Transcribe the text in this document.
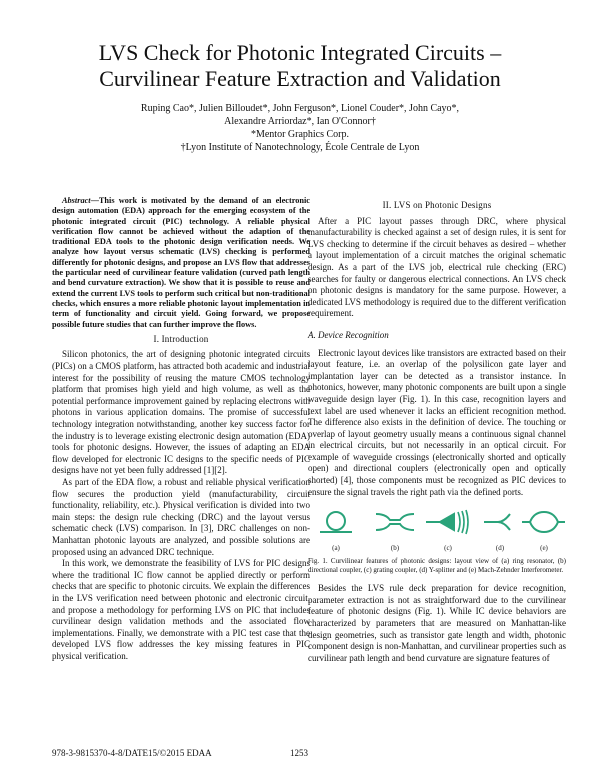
LVS Check for Photonic Integrated Circuits –
Curvilinear Feature Extraction and Validation
Ruping Cao*, Julien Billoudet*, John Ferguson*, Lionel Couder*, John Cayo*,
Alexandre Arriordaz*, Ian O'Connor†
*Mentor Graphics Corp.
†Lyon Institute of Nanotechnology, École Centrale de Lyon

Abstract—This work is motivated by the demand of an electronic design automation (EDA) approach for the emerging ecosystem of the photonic integrated circuit (PIC) technology. A reliable physical verification flow cannot be achieved without the adaption of the traditional EDA tools to the photonic design verification needs. We analyze how layout versus schematic (LVS) checking is performed differently for photonic designs, and propose an LVS flow that addresses the particular need of curvilinear feature validation (curved path length and bend curvature extraction). We show that it is possible to reuse and extend the current LVS tools to perform such critical but non-traditional checks, which ensures a more reliable photonic layout implementation in term of functionality and circuit yield. Going forward, we propose possible future studies that can further improve the flows.

I. Introduction

Silicon photonics, the art of designing photonic integrated circuits (PICs) on a CMOS platform, has attracted both academic and industrial interest for the possibility of reusing the mature CMOS technology platform that promises high yield and high volume, as well as the potential performance improvement gained by replacing electrons with photons in various application domains. The promise of successful technology integration notwithstanding, another key success factor for the industry is to leverage existing electronic design automation (EDA) tools for photonic designs. However, the issues of adapting an EDA flow developed for electronic IC designs to the specific needs of PIC designs have not yet been fully addressed [1][2].

As part of the EDA flow, a robust and reliable physical verification flow secures the production yield (manufacturability, circuit functionality, reliability, etc.). Physical verification is divided into two main steps: the design rule checking (DRC) and the layout versus schematic check (LVS) comparison. In [3], DRC challenges on non-Manhattan photonic layouts are analyzed, and possible solutions are proposed using an advanced DRC technique.

In this work, we demonstrate the feasibility of LVS for PIC designs where the traditional IC flow cannot be applied directly or perform checks that are specific to photonic circuits. We explain the differences in the LVS verification need between photonic and electronic circuit, and propose a methodology for performing LVS on PIC that includes curvilinear design validation methods and the associated flow implementations. Finally, we demonstrate with a PIC test case that the developed LVS flow addresses the key missing features in PIC physical verification.

II. LVS on Photonic Designs

After a PIC layout passes through DRC, where physical manufacturability is checked against a set of design rules, it is sent for LVS checking to determine if the circuit behaves as desired – whether a layout implementation of a circuit matches the original schematic design. As a part of the LVS job, electrical rule checking (ERC) searches for faulty or dangerous electrical connections. An LVS check on photonic designs is mandatory for the same purpose. However, a dedicated LVS methodology is required due to the different verification requirement.

A. Device Recognition

Electronic layout devices like transistors are extracted based on their layout feature, i.e. an overlap of the polysilicon gate layer and implantation layer can be detected as a transistor instance. In photonics, however, many photonic components are built upon a single waveguide design layer (Fig. 1). In this case, recognition layers and text label are used whenever it lacks an efficient recognition method. The difference also exists in the definition of device. The touching or overlap of layout geometry usually means a continuous signal channel in electrical circuits, but not necessarily in an optical circuit. For example of waveguide crossings (electronically shorted and optically open) and directional couplers (electronically open and optically shorted) [4], those components must be recognized as PIC devices to ensure the signal travels the right path via the defined ports.

(a)	(b)	(c)	(d)	(e)
Fig. 1. Curvilinear features of photonic designs: layout view of (a) ring resonator, (b) directional coupler, (c) grating coupler, (d) Y-splitter and (e) Mach-Zehnder Interferometer.

Besides the LVS rule deck preparation for device recognition, parameter extraction is not as straightforward due to the curvilinear feature of photonic designs (Fig. 1). While IC device behaviors are characterized by parameters that are measured on Manhattan-like design geometries, such as transistor gate length and width, photonic component design is non-Manhattan, and curvilinear properties such as curvilinear path length and bend curvature are signature features of

978-3-9815370-4-8/DATE15/©2015 EDAA	1253
